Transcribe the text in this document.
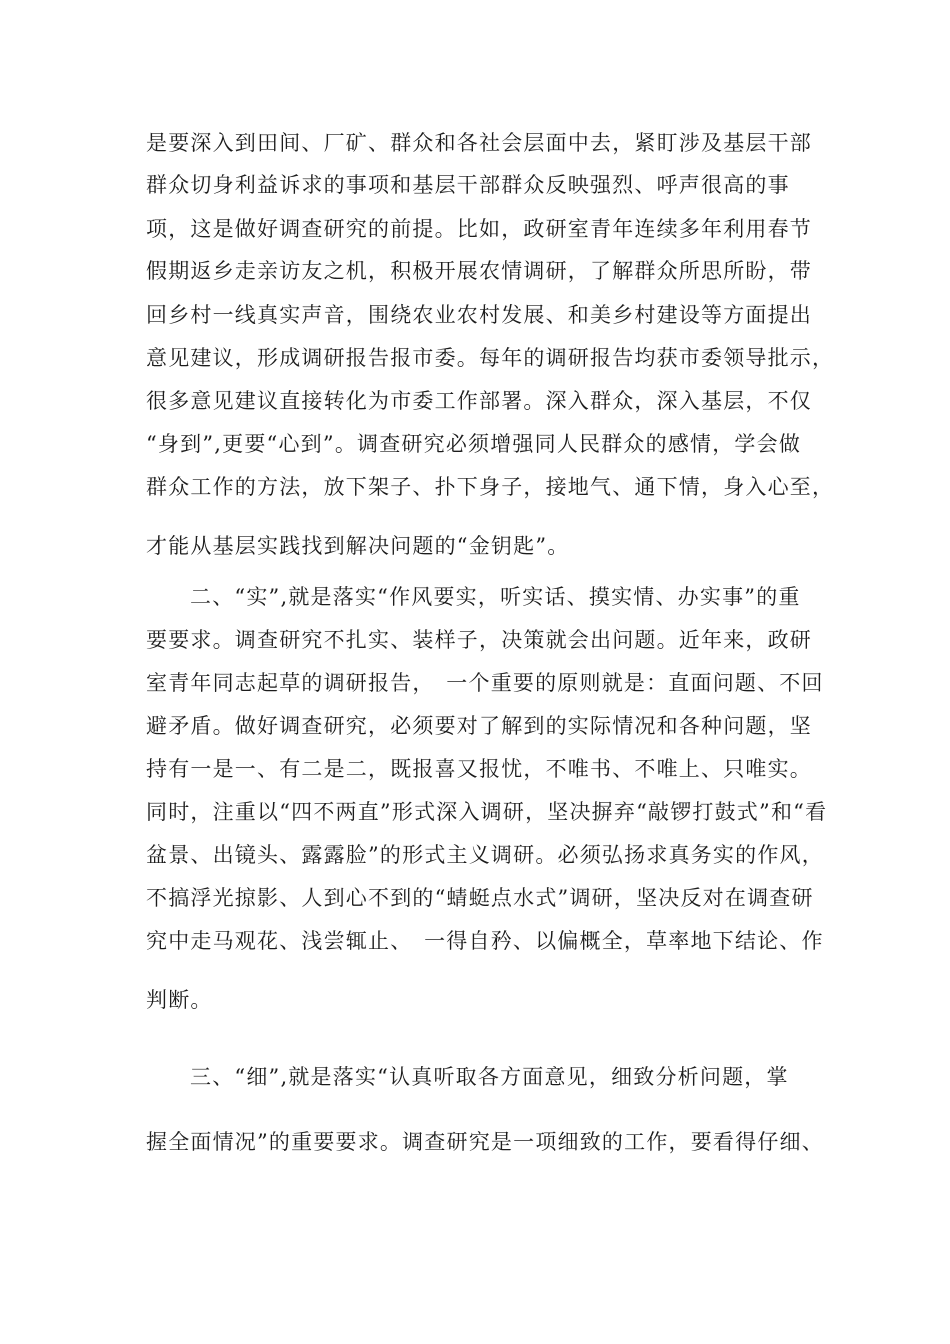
是要深入到田间、厂矿、群众和各社会层面中去，紧盯涉及基层干部
群众切身利益诉求的事项和基层干部群众反映强烈、呼声很高的事
项，这是做好调查研究的前提。比如，政研室青年连续多年利用春节
假期返乡走亲访友之机，积极开展农情调研，了解群众所思所盼，带
回乡村一线真实声音，围绕农业农村发展、和美乡村建设等方面提出
意见建议，形成调研报告报市委。每年的调研报告均获市委领导批示，
很多意见建议直接转化为市委工作部署。深入群众，深入基层，不仅
“身到”,更要“心到”。调查研究必须增强同人民群众的感情，学会做
群众工作的方法，放下架子、扑下身子，接地气、通下情，身入心至，
才能从基层实践找到解决问题的“金钥匙”。
二、“实”,就是落实“作风要实，听实话、摸实情、办实事”的重
要要求。调查研究不扎实、装样子，决策就会出问题。近年来，政研
室青年同志起草的调研报告，　一个重要的原则就是：直面问题、不回
避矛盾。做好调查研究，必须要对了解到的实际情况和各种问题，坚
持有一是一、有二是二，既报喜又报忧，不唯书、不唯上、只唯实。
同时，注重以“四不两直”形式深入调研，坚决摒弃“敲锣打鼓式”和“看
盆景、出镜头、露露脸”的形式主义调研。必须弘扬求真务实的作风，
不搞浮光掠影、人到心不到的“蜻蜓点水式”调研，坚决反对在调查研
究中走马观花、浅尝辄止、　一得自矜、以偏概全，草率地下结论、作
判断。
三、“细”,就是落实“认真听取各方面意见，细致分析问题，掌
握全面情况”的重要要求。调查研究是一项细致的工作，要看得仔细、
